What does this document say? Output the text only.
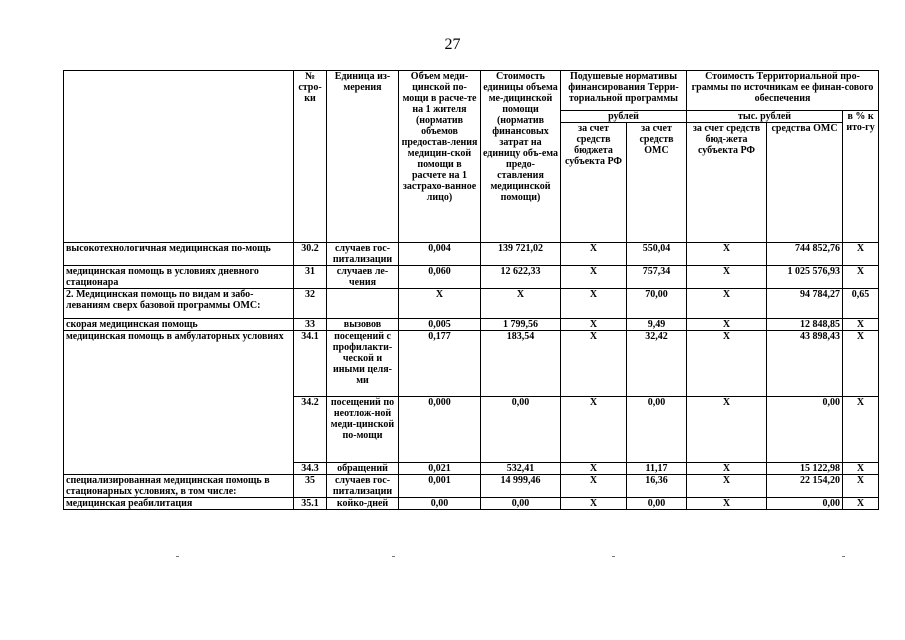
27
	№ стро-ки	Единица из-мерения	Объем меди-цинской по-мощи в расче-те на 1 жителя (норматив объемов предостав-ления медицин-ской помощи в расчете на 1 застрахо-ванное лицо)	Стоимость единицы объема ме-дицинской помощи (норматив финансовых затрат на единицу объ-ема предо-ставления медицинской помощи)	Подушевые нормативы финансирования Терри-ториальной программы		Стоимость Территориальной про-граммы по источникам ее финан-сового обеспечения		
					рублей		тыс. рублей		в % к ито-гу
					за счет средств бюджета субъекта РФ	за счет средств ОМС	за счет средств бюд-жета субъекта РФ	средства ОМС	
высокотехнологичная медицинская по-мощь	30.2	случаев гос-питализации	0,004	139 721,02	X	550,04	X	744 852,76	X
медицинская помощь в условиях дневного стационара	31	случаев ле-чения	0,060	12 622,33	X	757,34	X	1 025 576,93	X
2. Медицинская помощь по видам и забо-леваниям сверх базовой программы ОМС:	32		X	X	X	70,00	X	94 784,27	0,65
скорая медицинская помощь	33	вызовов	0,005	1 799,56	X	9,49	X	12 848,85	X
медицинская помощь в амбулаторных условиях	34.1	посещений с профилакти-ческой и иными целя-ми	0,177	183,54	X	32,42	X	43 898,43	X
	34.2	посещений по неотлож-ной меди-цинской по-мощи	0,000	0,00	X	0,00	X	0,00	X
	34.3	обращений	0,021	532,41	X	11,17	X	15 122,98	X
специализированная медицинская помощь в стационарных условиях, в том числе:	35	случаев гос-питализации	0,001	14 999,46	X	16,36	X	22 154,20	X
медицинская реабилитация	35.1	койко-дней	0,00	0,00	X	0,00	X	0,00	X
